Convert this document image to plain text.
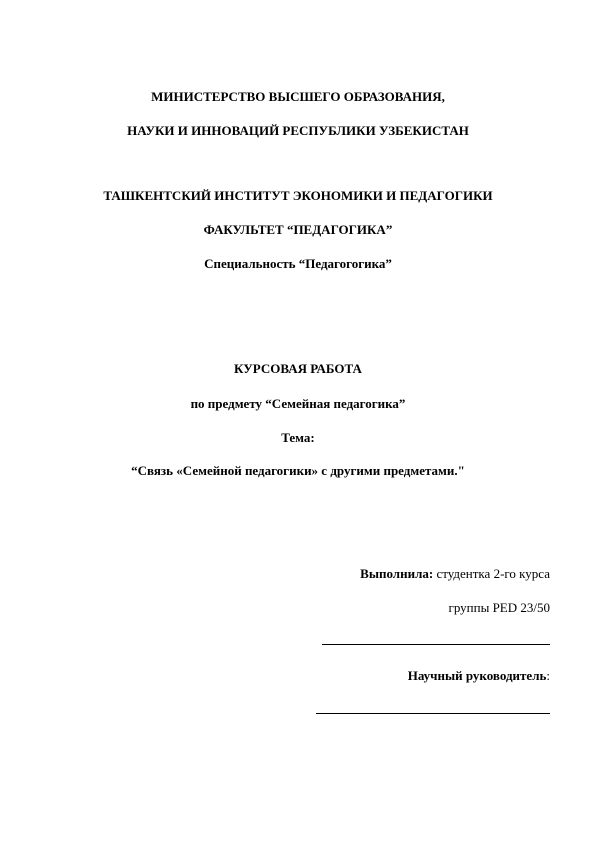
МИНИСТЕРСТВО ВЫСШЕГО ОБРАЗОВАНИЯ,
НАУКИ И ИННОВАЦИЙ РЕСПУБЛИКИ УЗБЕКИСТАН
ТАШКЕНТСКИЙ ИНСТИТУТ ЭКОНОМИКИ И ПЕДАГОГИКИ
ФАКУЛЬТЕТ “ПЕДАГОГИКА”
Специальность “Педагогогика”
КУРСОВАЯ РАБОТА
по предмету “Семейная педагогика”
Тема:
“Связь «Семейной педагогики» с другими предметами."
Выполнила: студентка 2-го курса
группы PED 23/50
Научный руководитель:
